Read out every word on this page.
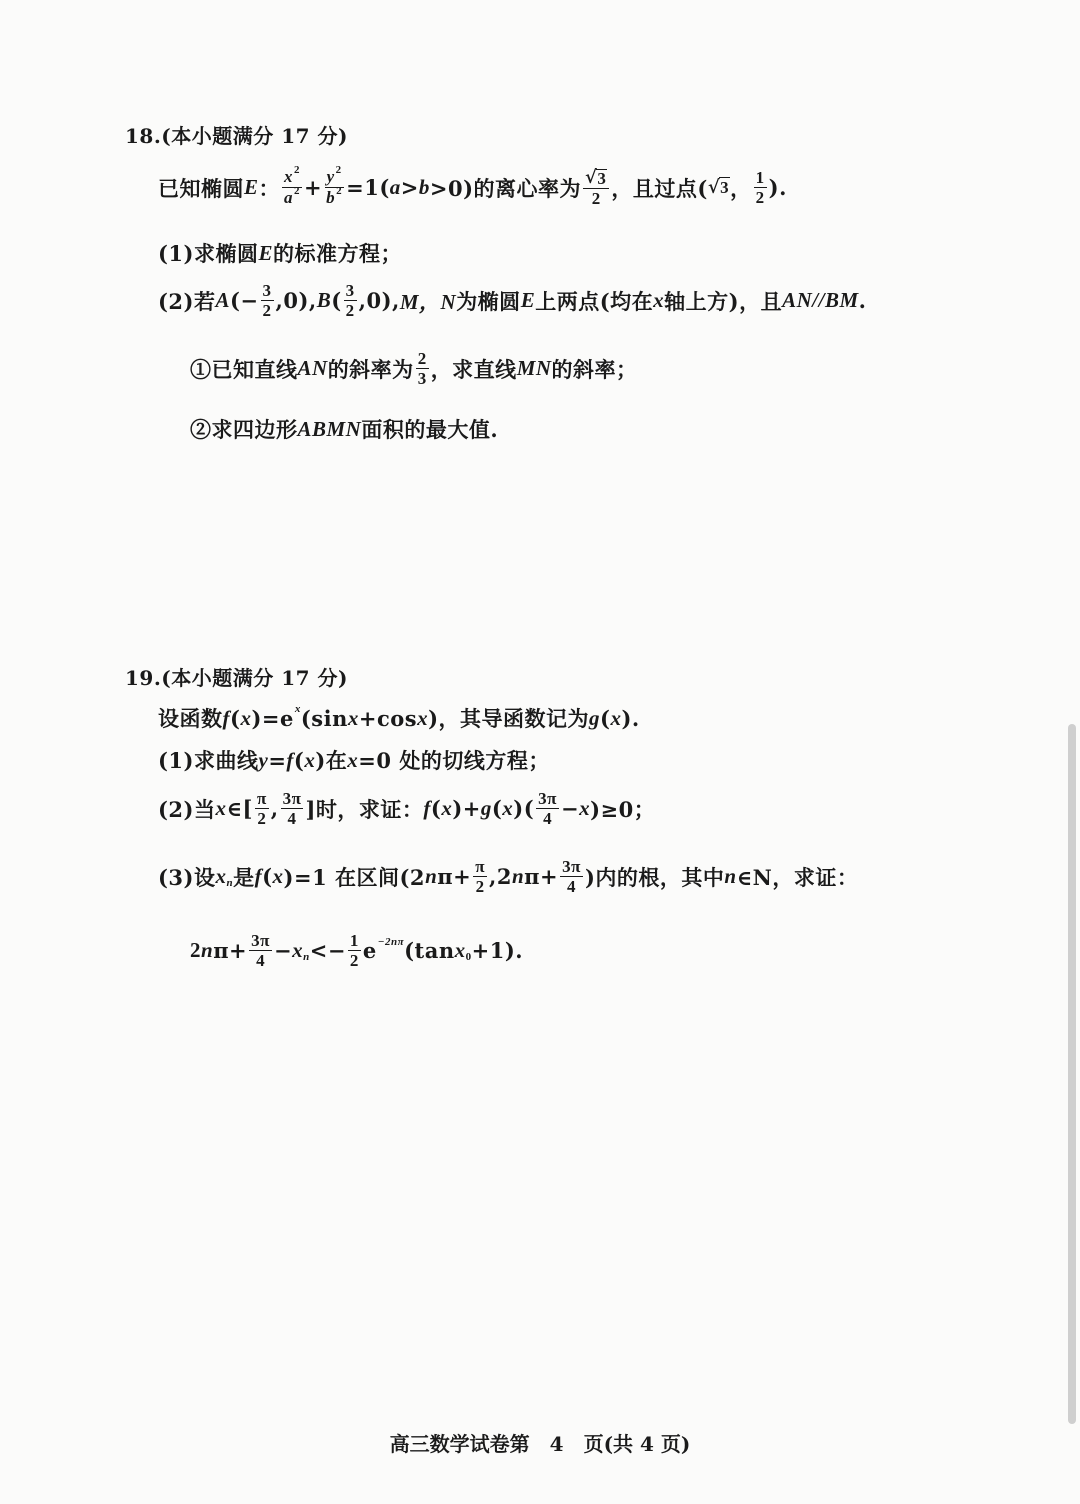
18.(本小题满分 17 分)
已知椭圆 E ： $\frac{x^2}{a^2} + \frac{y^2}{b^2} =1$( a > b >0)的离心率为 $\frac{√ 3}{2}$ ，且过点( √ 3 ， $\frac{1}{2}$ ).
(1)求椭圆 E 的标准方程；
(2)若 A (− $\frac{3}{2} ,0$), B ( $\frac{3}{2} ,0$), M，N 为椭圆 E 上两点(均在 x 轴上方)，且 AN // BM .
①已知直线 AN 的斜率为 $\frac{2}{3}$ ，求直线 MN 的斜率；
②求四边形 ABMN 面积的最大值.
19.(本小题满分 17 分)
设函数 f ( x )=e x (sin x +cos x )，其导函数记为 g ( x ).
(1)求曲线 y = f ( x )在 x =0 处的切线方程；
(2)当 x ∈[ $\frac{\pi}{2}$ , $\frac{3\pi}{4}$ ]时，求证： f ( x )+ g ( x )( $\frac{3\pi}{4} - x$ )≥0；
(3)设 x n 是 f ( x )=1 在区间(2 n $\pi+ \frac{\pi}{2} ,2$ n $\pi+ \frac{3\pi}{4}$ )内的根，其中 n ∈N，求证：
2 n $\pi+ \frac{3\pi}{4} - x$ $n <- \frac{1}{2}$ e −2nπ (tan x 0 +1).
高三数学试卷第　4　页(共 4 页)
